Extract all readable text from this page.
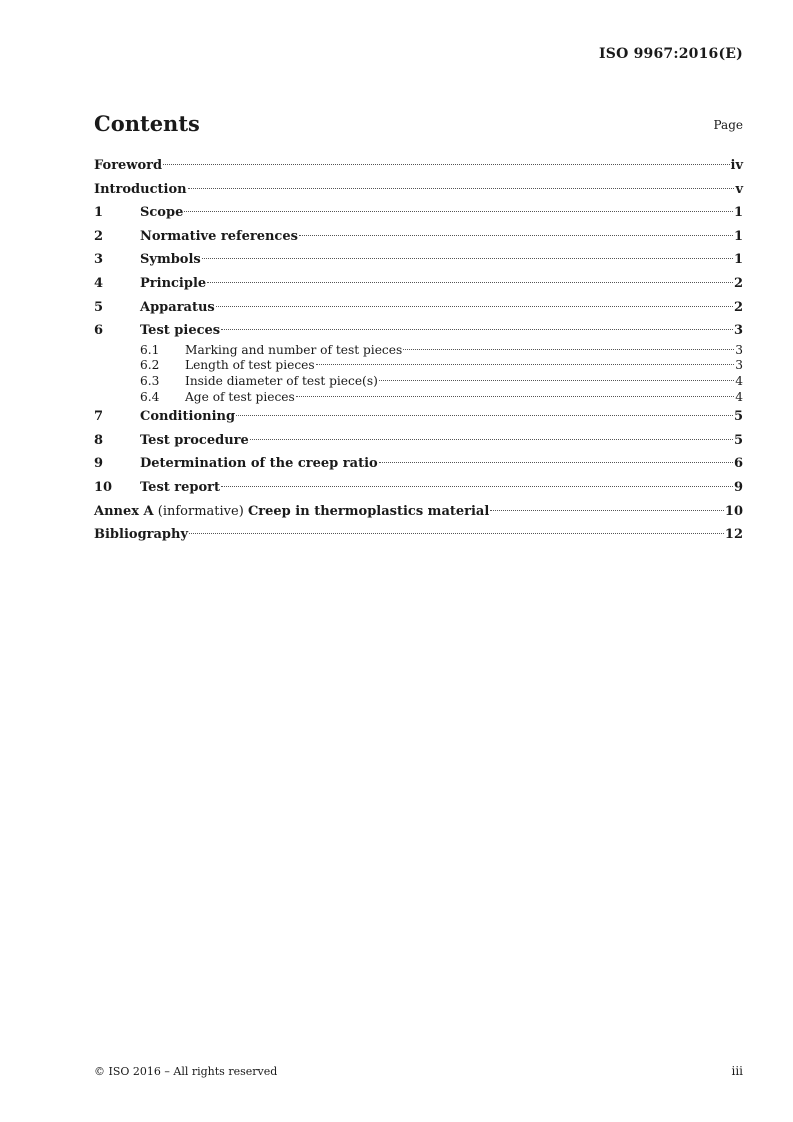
ISO 9967:2016(E)
Contents	Page
Foreword	iv
Introduction	v
1	Scope	1
2	Normative references	1
3	Symbols	1
4	Principle	2
5	Apparatus	2
6	Test pieces	3
6.1	Marking and number of test pieces	3
6.2	Length of test pieces	3
6.3	Inside diameter of test piece(s)	4
6.4	Age of test pieces	4
7	Conditioning	5
8	Test procedure	5
9	Determination of the creep ratio	6
10	Test report	9
Annex A (informative) Creep in thermoplastics material	10
Bibliography	12
© ISO 2016 – All rights reserved	iii
